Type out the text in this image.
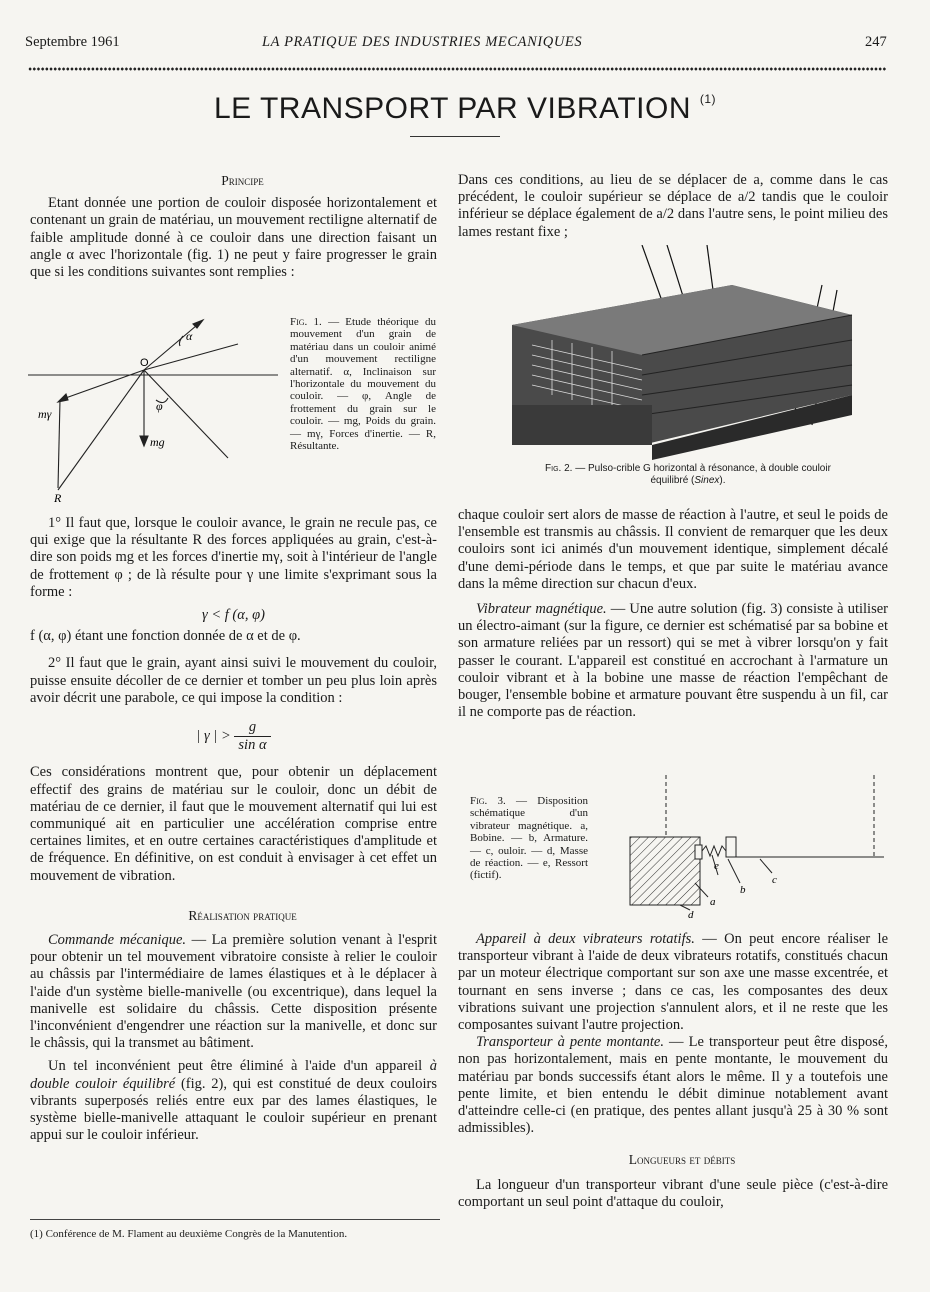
Septembre 1961	LA PRATIQUE DES INDUSTRIES MECANIQUES	247
LE TRANSPORT PAR VIBRATION $^{(1)}$

Principe

Etant donnée une portion de couloir disposée horizontalement et contenant un grain de matériau, un mouvement rectiligne alternatif de faible amplitude donné à ce couloir dans une direction faisant un angle α avec l'horizontale (fig. 1) ne peut y faire progresser le grain que si les conditions suivantes sont remplies :

α
O
φ
mγ
mg
R
Fig. 1. — Etude théorique du mouvement d'un grain de matériau dans un couloir animé d'un mouvement rectiligne alternatif. α, Inclinaison sur l'horizontale du mouvement du couloir. — φ, Angle de frottement du grain sur le couloir. — mg, Poids du grain. — mγ, Forces d'inertie. — R, Résultante.

1° Il faut que, lorsque le couloir avance, le grain ne recule pas, ce qui exige que la résultante R des forces appliquées au grain, c'est-à-dire son poids mg et les forces d'inertie mγ, soit à l'intérieur de l'angle de frottement φ ; de là résulte pour γ une limite s'exprimant sous la forme :

γ < f (α, φ)

f (α, φ) étant une fonction donnée de α et de φ.

2° Il faut que le grain, ayant ainsi suivi le mouvement du couloir, puisse ensuite décoller de ce dernier et tomber un peu plus loin après avoir décrit une parabole, ce qui impose la condition :

| γ | > $\frac{g}{\text{sin α}}$

Ces considérations montrent que, pour obtenir un déplacement effectif des grains de matériau sur le couloir, donc un débit de matériau de ce dernier, il faut que le mouvement alternatif qui lui est communiqué ait en particulier une accélération comprise entre certaines limites, et en outre certaines caractéristiques d'amplitude et de fréquence. En définitive, on est conduit à envisager à cet effet un mouvement de vibration.

Réalisation pratique

Commande mécanique. — La première solution venant à l'esprit pour obtenir un tel mouvement vibratoire consiste à relier le couloir au châssis par l'intermédiaire de lames élastiques et à le déplacer à l'aide d'un système bielle-manivelle (ou excentrique), dans lequel la manivelle est solidaire du châssis. Cette disposition présente l'inconvénient d'engendrer une réaction sur la manivelle, et donc sur le châssis, qui la transmet au bâtiment.

Un tel inconvénient peut être éliminé à l'aide d'un appareil à double couloir équilibré (fig. 2), qui est constitué de deux couloirs vibrants superposés reliés entre eux par des lames élastiques, le système bielle-manivelle attaquant le couloir supérieur en prenant appui sur le couloir inférieur.

(1) Conférence de M. Flament au deuxième Congrès de la Manutention.

Dans ces conditions, au lieu de se déplacer de a, comme dans le cas précédent, le couloir supérieur se déplace de a/2 tandis que le couloir inférieur se déplace également de a/2 dans l'autre sens, le point milieu des lames restant fixe ;

Fig. 2. — Pulso-crible G horizontal à résonance, à double couloir équilibré (Sinex).

chaque couloir sert alors de masse de réaction à l'autre, et seul le poids de l'ensemble est transmis au châssis. Il convient de remarquer que les deux couloirs sont ici animés d'un mouvement identique, simplement décalé d'une demi-période dans le temps, et que par suite le matériau avance dans la même direction sur chacun d'eux.

Vibrateur magnétique. — Une autre solution (fig. 3) consiste à utiliser un électro-aimant (sur la figure, ce dernier est schématisé par sa bobine et son armature reliées par un ressort) qui se met à vibrer lorsqu'on y fait passer le courant. L'appareil est constitué en accrochant à l'armature un couloir vibrant et à la bobine une masse de réaction l'empêchant de bouger, l'ensemble bobine et armature pouvant être suspendu à un fil, car il ne comporte pas de réaction.

Fig. 3. — Disposition schématique d'un vibrateur magnétique. a, Bobine. — b, Armature. — c, ouloir. — d, Masse de réaction. — e, Ressort (fictif).
e
b
c
a
d

Appareil à deux vibrateurs rotatifs. — On peut encore réaliser le transporteur vibrant à l'aide de deux vibrateurs rotatifs, constitués chacun par un moteur électrique comportant sur son axe une masse excentrée, et tournant en sens inverse ; dans ce cas, les composantes des deux vibrations suivant une projection s'annulent alors, et il ne reste que les composantes suivant l'autre projection.

Transporteur à pente montante. — Le transporteur peut être disposé, non pas horizontalement, mais en pente montante, le mouvement du matériau par bonds successifs étant alors le même. Il y a toutefois une pente limite, et bien entendu le débit diminue notablement avant d'atteindre celle-ci (en pratique, des pentes allant jusqu'à 25 à 30 % sont admissibles).

Longueurs et débits

La longueur d'un transporteur vibrant d'une seule pièce (c'est-à-dire comportant un seul point d'attaque du couloir,
